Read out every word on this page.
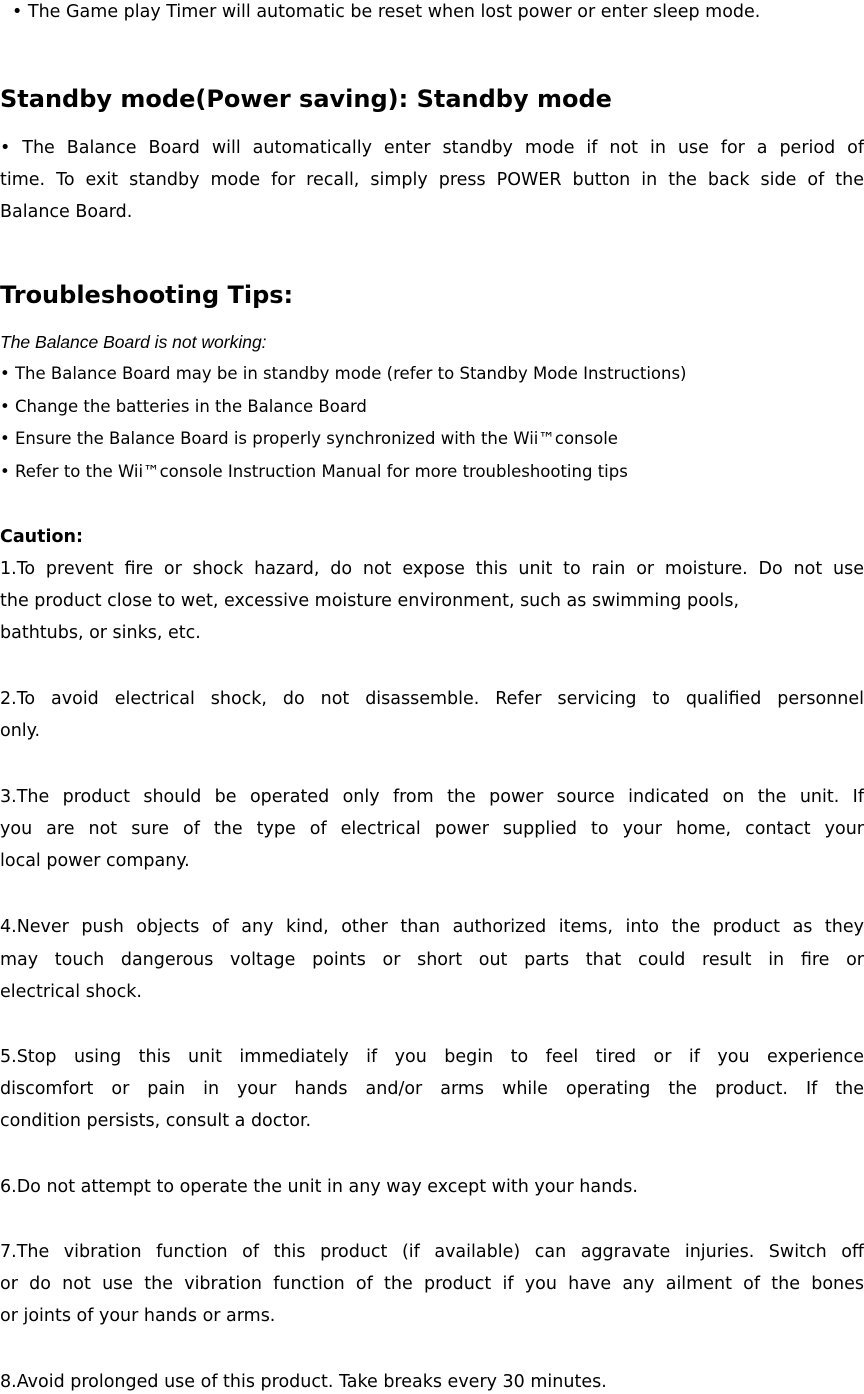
• The Game play Timer will automatic be reset when lost power or enter sleep mode.
Standby mode(Power saving): Standby mode
• The Balance Board will automatically enter standby mode if not in use for a period of
time. To exit standby mode for recall, simply press POWER button in the back side of the
Balance Board.
Troubleshooting Tips:
The Balance Board is not working:
• The Balance Board may be in standby mode (refer to Standby Mode Instructions)
• Change the batteries in the Balance Board
• Ensure the Balance Board is properly synchronized with the Wii™console
• Refer to the Wii™console Instruction Manual for more troubleshooting tips
Caution:
1.To prevent fire or shock hazard, do not expose this unit to rain or moisture. Do not use
the product close to wet, excessive moisture environment, such as swimming pools,
bathtubs, or sinks, etc.
2.To avoid electrical shock, do not disassemble. Refer servicing to qualified personnel
only.
3.The product should be operated only from the power source indicated on the unit. If
you are not sure of the type of electrical power supplied to your home, contact your
local power company.
4.Never push objects of any kind, other than authorized items, into the product as they
may touch dangerous voltage points or short out parts that could result in fire or
electrical shock.
5.Stop using this unit immediately if you begin to feel tired or if you experience
discomfort or pain in your hands and/or arms while operating the product. If the
condition persists, consult a doctor.
6.Do not attempt to operate the unit in any way except with your hands.
7.The vibration function of this product (if available) can aggravate injuries. Switch off
or do not use the vibration function of the product if you have any ailment of the bones
or joints of your hands or arms.
8.Avoid prolonged use of this product. Take breaks every 30 minutes.
